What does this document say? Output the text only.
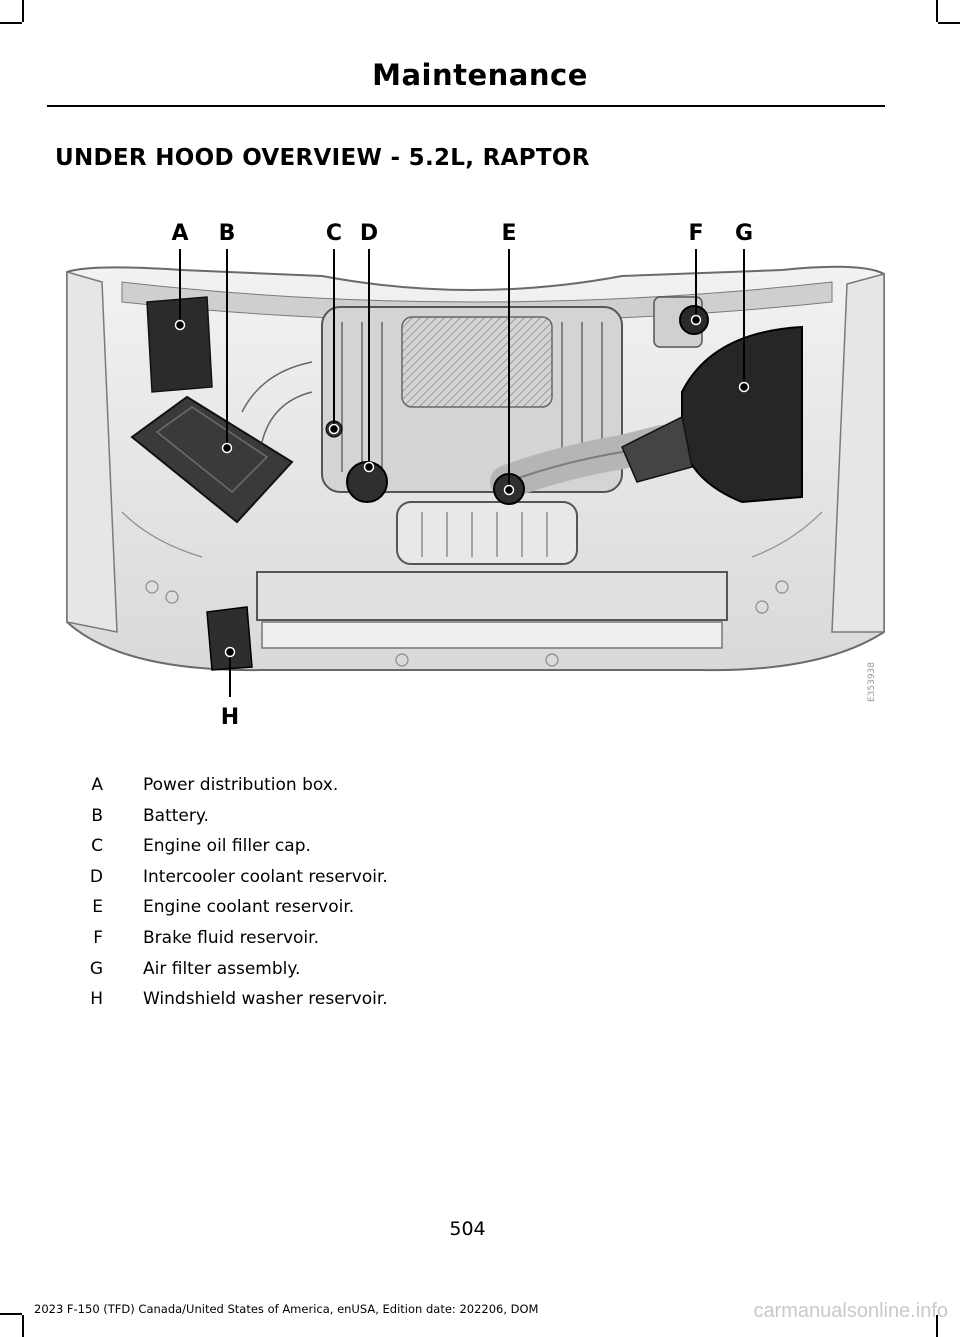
Maintenance
UNDER HOOD OVERVIEW - 5.2L, RAPTOR
A B	C D	E	F G
H
E353938
A Power distribution box.
B Battery.
C Engine oil filler cap.
D Intercooler coolant reservoir.
E Engine coolant reservoir.
F Brake fluid reservoir.
G Air filter assembly.
H Windshield washer reservoir.
504
2023 F-150 (TFD) Canada/United States of America, enUSA, Edition date: 202206, DOM	carmanualsonline.info
